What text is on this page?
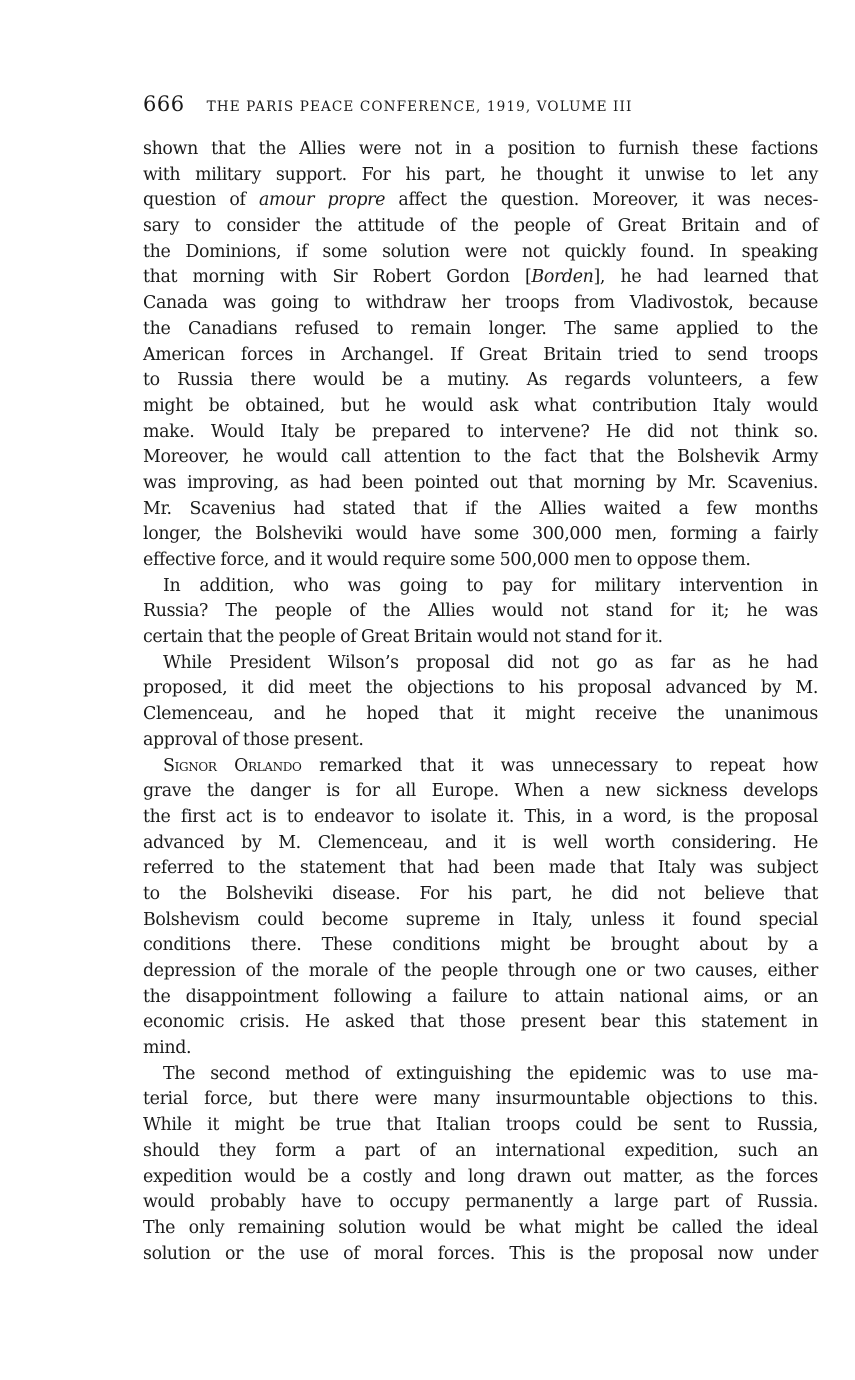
666 THE PARIS PEACE CONFERENCE, 1919, VOLUME III
shown that the Allies were not in a position to furnish these factions
with military support. For his part, he thought it unwise to let any
question of amour propre affect the question. Moreover, it was neces-
sary to consider the attitude of the people of Great Britain and of
the Dominions, if some solution were not quickly found. In speaking
that morning with Sir Robert Gordon [Borden], he had learned that
Canada was going to withdraw her troops from Vladivostok, because
the Canadians refused to remain longer. The same applied to the
American forces in Archangel. If Great Britain tried to send troops
to Russia there would be a mutiny. As regards volunteers, a few
might be obtained, but he would ask what contribution Italy would
make. Would Italy be prepared to intervene? He did not think so.
Moreover, he would call attention to the fact that the Bolshevik Army
was improving, as had been pointed out that morning by Mr. Scavenius.
Mr. Scavenius had stated that if the Allies waited a few months
longer, the Bolsheviki would have some 300,000 men, forming a fairly
effective force, and it would require some 500,000 men to oppose them.
In addition, who was going to pay for military intervention in
Russia? The people of the Allies would not stand for it; he was
certain that the people of Great Britain would not stand for it.
While President Wilson’s proposal did not go as far as he had
proposed, it did meet the objections to his proposal advanced by M.
Clemenceau, and he hoped that it might receive the unanimous
approval of those present.
Signor Orlando remarked that it was unnecessary to repeat how
grave the danger is for all Europe. When a new sickness develops
the first act is to endeavor to isolate it. This, in a word, is the proposal
advanced by M. Clemenceau, and it is well worth considering. He
referred to the statement that had been made that Italy was subject
to the Bolsheviki disease. For his part, he did not believe that
Bolshevism could become supreme in Italy, unless it found special
conditions there. These conditions might be brought about by a
depression of the morale of the people through one or two causes, either
the disappointment following a failure to attain national aims, or an
economic crisis. He asked that those present bear this statement in
mind.
The second method of extinguishing the epidemic was to use ma-
terial force, but there were many insurmountable objections to this.
While it might be true that Italian troops could be sent to Russia,
should they form a part of an international expedition, such an
expedition would be a costly and long drawn out matter, as the forces
would probably have to occupy permanently a large part of Russia.
The only remaining solution would be what might be called the ideal
solution or the use of moral forces. This is the proposal now under
